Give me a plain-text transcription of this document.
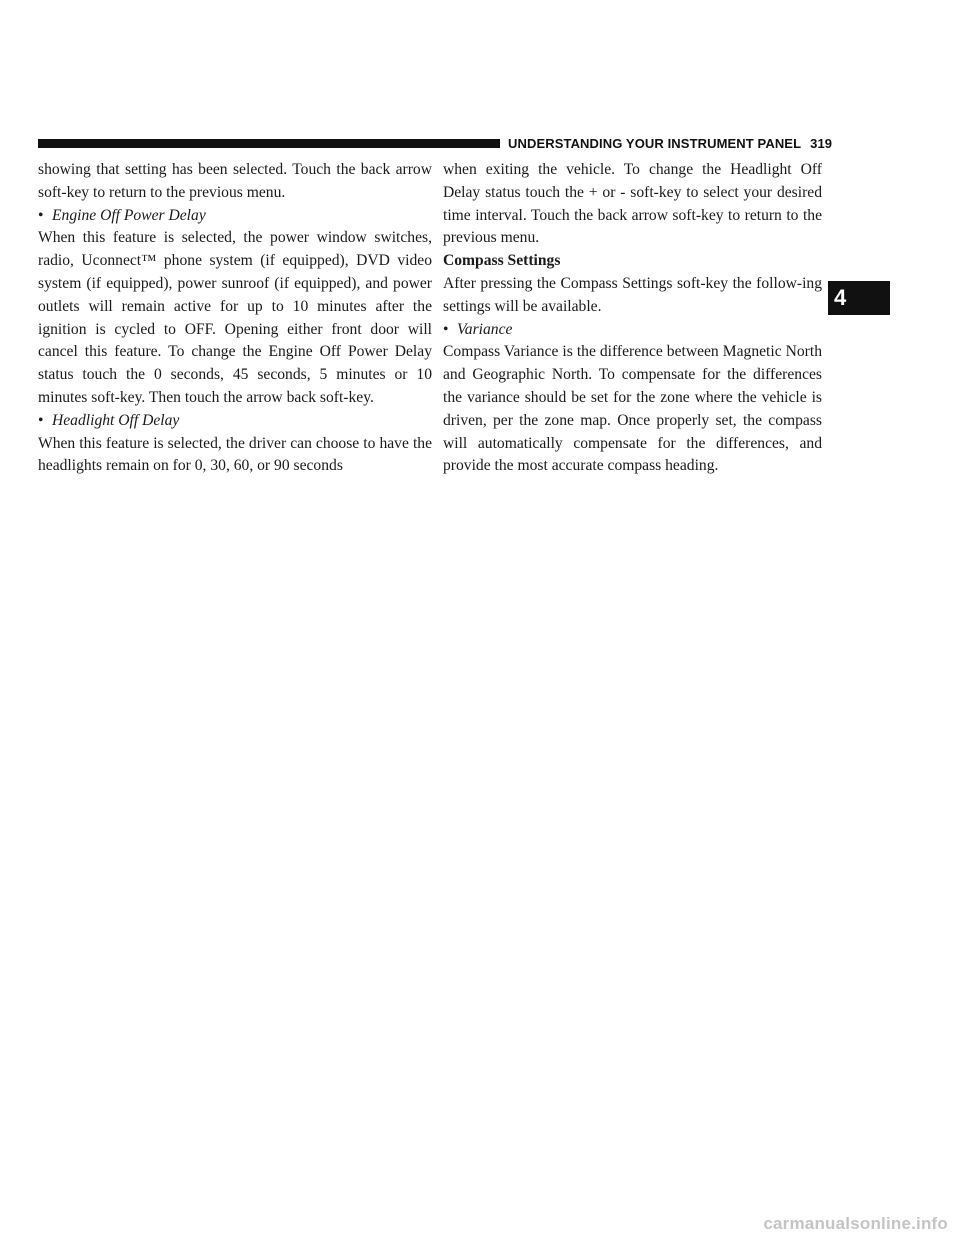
UNDERSTANDING YOUR INSTRUMENT PANEL 319

showing that setting has been selected. Touch the back arrow soft-key to return to the previous menu.

• Engine Off Power Delay

When this feature is selected, the power window switches, radio, Uconnect™ phone system (if equipped), DVD video system (if equipped), power sunroof (if equipped), and power outlets will remain active for up to 10 minutes after the ignition is cycled to OFF. Opening either front door will cancel this feature. To change the Engine Off Power Delay status touch the 0 seconds, 45 seconds, 5 minutes or 10 minutes soft-key. Then touch the arrow back soft-key.

• Headlight Off Delay

When this feature is selected, the driver can choose to have the headlights remain on for 0, 30, 60, or 90 seconds

when exiting the vehicle. To change the Headlight Off Delay status touch the + or - soft-key to select your desired time interval. Touch the back arrow soft-key to return to the previous menu.

Compass Settings

After pressing the Compass Settings soft-key the follow-ing settings will be available.

• Variance

Compass Variance is the difference between Magnetic North and Geographic North. To compensate for the differences the variance should be set for the zone where the vehicle is driven, per the zone map. Once properly set, the compass will automatically compensate for the differences, and provide the most accurate compass heading.

4
carmanualsonline.info
